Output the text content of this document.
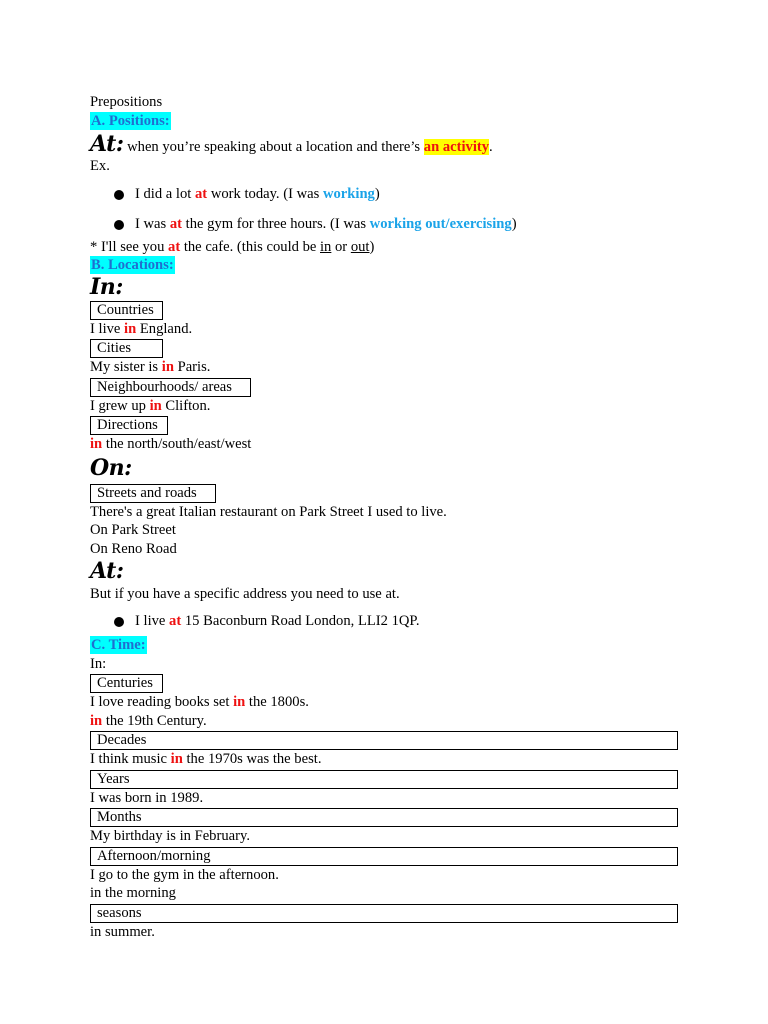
Prepositions
A. Positions:
At: when you’re speaking about a location and there’s an activity.
Ex.
I did a lot at work today. (I was working)
I was at the gym for three hours. (I was working out/exercising)
* I'll see you at the cafe. (this could be in or out)
B. Locations:
In:
Countries
I live in England.
Cities
My sister is in Paris.
Neighbourhoods/ areas
I grew up in Clifton.
Directions
in the north/south/east/west
On:
Streets and roads
There's a great Italian restaurant on Park Street I used to live.
On Park Street
On Reno Road
At:
But if you have a specific address you need to use at.
I live at 15 Baconburn Road London, LLI2 1QP.
C. Time:
In:
Centuries
I love reading books set in the 1800s.
in the 19th Century.
Decades
I think music in the 1970s was the best.
Years
I was born in 1989.
Months
My birthday is in February.
Afternoon/morning
I go to the gym in the afternoon.
in the morning
seasons
in summer.
